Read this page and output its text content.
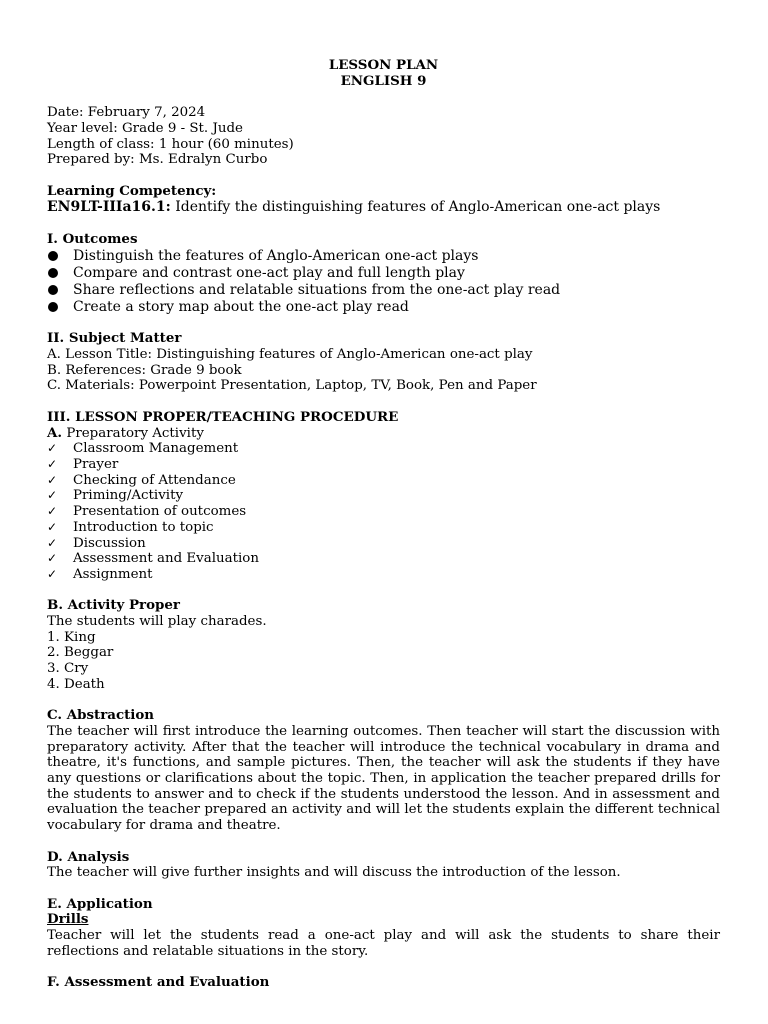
LESSON PLAN
ENGLISH 9
Date: February 7, 2024
Year level: Grade 9 - St. Jude
Length of class: 1 hour (60 minutes)
Prepared by: Ms. Edralyn Curbo
Learning Competency:
EN9LT-IIIa16.1: Identify the distinguishing features of Anglo-American one-act plays
I. Outcomes
Distinguish the features of Anglo-American one-act plays
Compare and contrast one-act play and full length play
Share reflections and relatable situations from the one-act play read
Create a story map about the one-act play read
II. Subject Matter
A. Lesson Title: Distinguishing features of Anglo-American one-act play
B. References: Grade 9 book
C. Materials: Powerpoint Presentation, Laptop, TV, Book, Pen and Paper
III. LESSON PROPER/TEACHING PROCEDURE
A. Preparatory Activity
✓ Classroom Management
✓ Prayer
✓ Checking of Attendance
✓ Priming/Activity
✓ Presentation of outcomes
✓ Introduction to topic
✓ Discussion
✓ Assessment and Evaluation
✓ Assignment
B. Activity Proper
The students will play charades.
1. King
2. Beggar
3. Cry
4. Death
C. Abstraction

The teacher will first introduce the learning outcomes. Then teacher will start the discussion with preparatory activity. After that the teacher will introduce the technical vocabulary in drama and theatre, it's functions, and sample pictures. Then, the teacher will ask the students if they have any questions or clarifications about the topic. Then, in application the teacher prepared drills for the students to answer and to check if the students understood the lesson. And in assessment and evaluation the teacher prepared an activity and will let the students explain the different technical vocabulary for drama and theatre.

D. Analysis
The teacher will give further insights and will discuss the introduction of the lesson.
E. Application
Drills

Teacher will let the students read a one-act play and will ask the students to share their reflections and relatable situations in the story.

F. Assessment and Evaluation
